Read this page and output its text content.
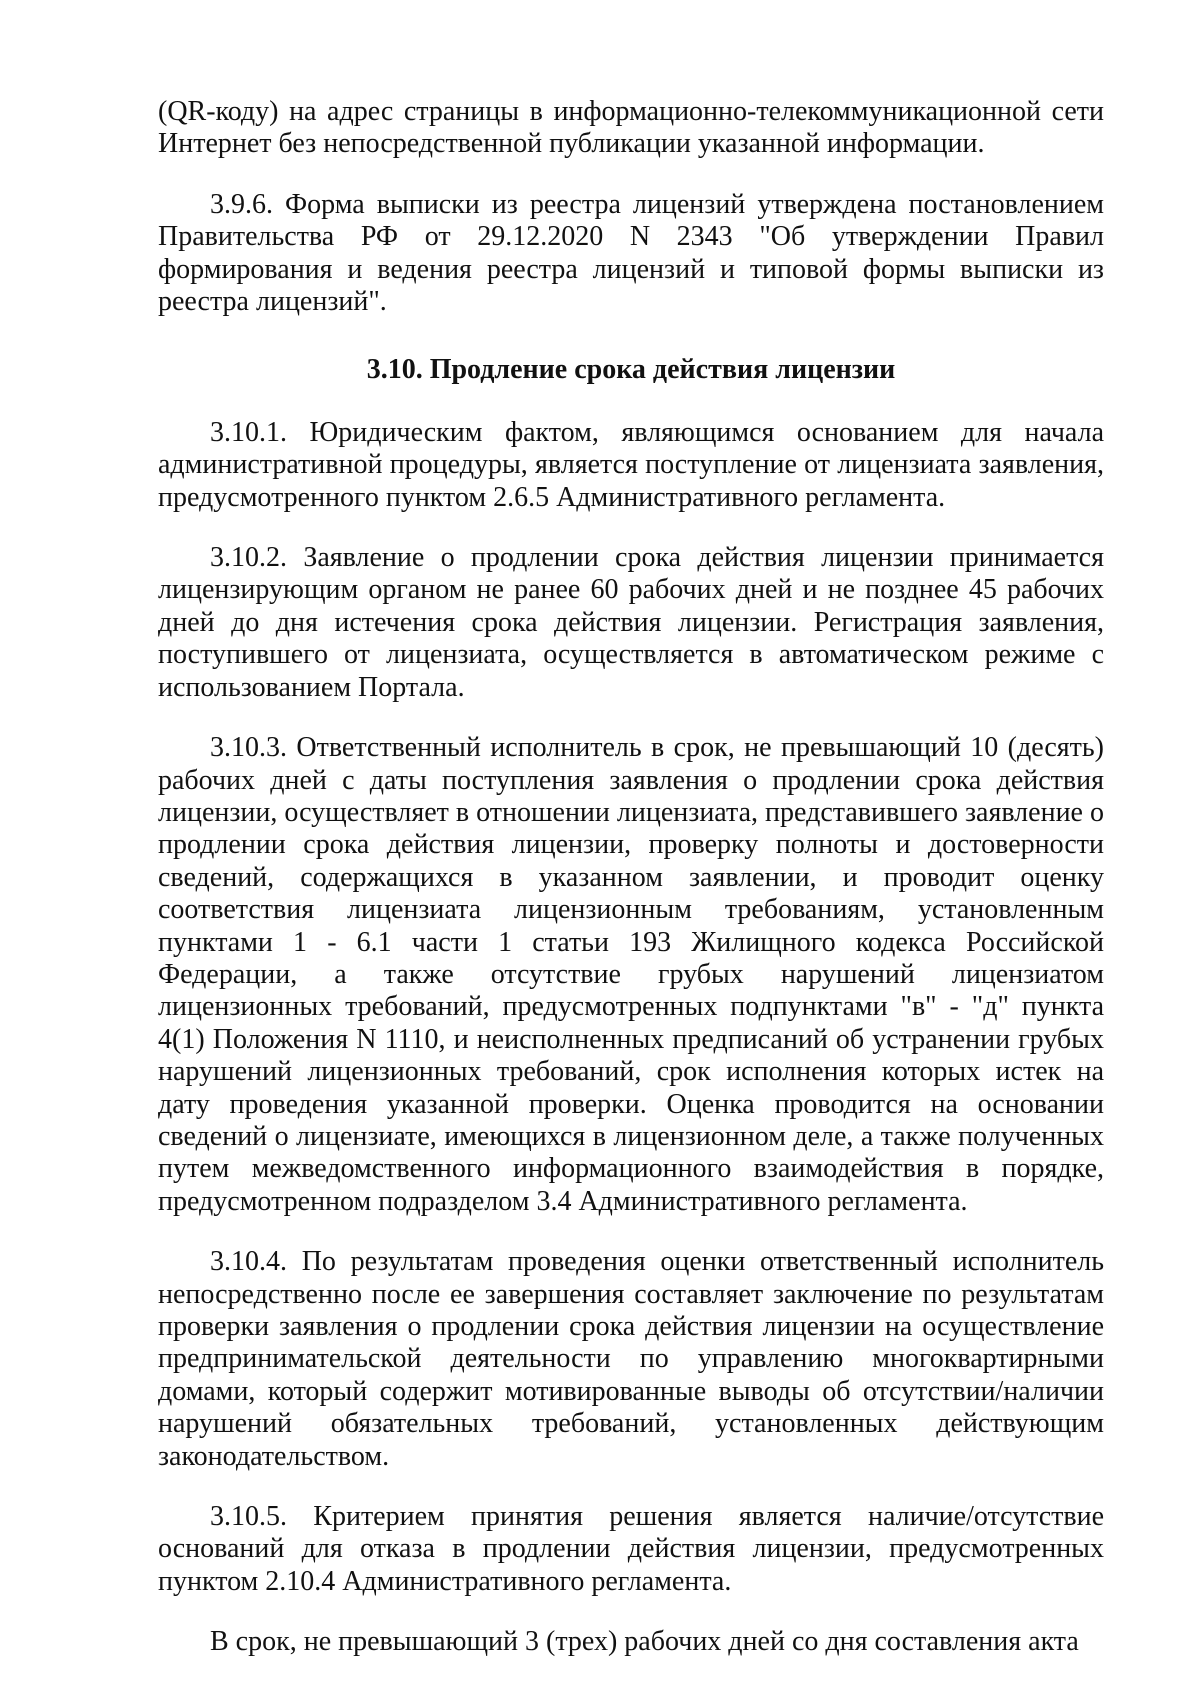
(QR-коду) на адрес страницы в информационно-телекоммуникационной сети Интернет без непосредственной публикации указанной информации.

3.9.6. Форма выписки из реестра лицензий утверждена постановлением Правительства РФ от 29.12.2020 N 2343 "Об утверждении Правил формирования и ведения реестра лицензий и типовой формы выписки из реестра лицензий".

3.10. Продление срока действия лицензии

3.10.1. Юридическим фактом, являющимся основанием для начала административной процедуры, является поступление от лицензиата заявления, предусмотренного пунктом 2.6.5 Административного регламента.

3.10.2. Заявление о продлении срока действия лицензии принимается лицензирующим органом не ранее 60 рабочих дней и не позднее 45 рабочих дней до дня истечения срока действия лицензии. Регистрация заявления, поступившего от лицензиата, осуществляется в автоматическом режиме с использованием Портала.

3.10.3. Ответственный исполнитель в срок, не превышающий 10 (десять) рабочих дней с даты поступления заявления о продлении срока действия лицензии, осуществляет в отношении лицензиата, представившего заявление о продлении срока действия лицензии, проверку полноты и достоверности сведений, содержащихся в указанном заявлении, и проводит оценку соответствия лицензиата лицензионным требованиям, установленным пунктами 1 - 6.1 части 1 статьи 193 Жилищного кодекса Российской Федерации, а также отсутствие грубых нарушений лицензиатом лицензионных требований, предусмотренных подпунктами "в" - "д" пункта 4(1) Положения N 1110, и неисполненных предписаний об устранении грубых нарушений лицензионных требований, срок исполнения которых истек на дату проведения указанной проверки. Оценка проводится на основании сведений о лицензиате, имеющихся в лицензионном деле, а также полученных путем межведомственного информационного взаимодействия в порядке, предусмотренном подразделом 3.4 Административного регламента.

3.10.4. По результатам проведения оценки ответственный исполнитель непосредственно после ее завершения составляет заключение по результатам проверки заявления о продлении срока действия лицензии на осуществление предпринимательской деятельности по управлению многоквартирными домами, который содержит мотивированные выводы об отсутствии/наличии нарушений обязательных требований, установленных действующим законодательством.

3.10.5. Критерием принятия решения является наличие/отсутствие оснований для отказа в продлении действия лицензии, предусмотренных пунктом 2.10.4 Административного регламента.

В срок, не превышающий 3 (трех) рабочих дней со дня составления акта
